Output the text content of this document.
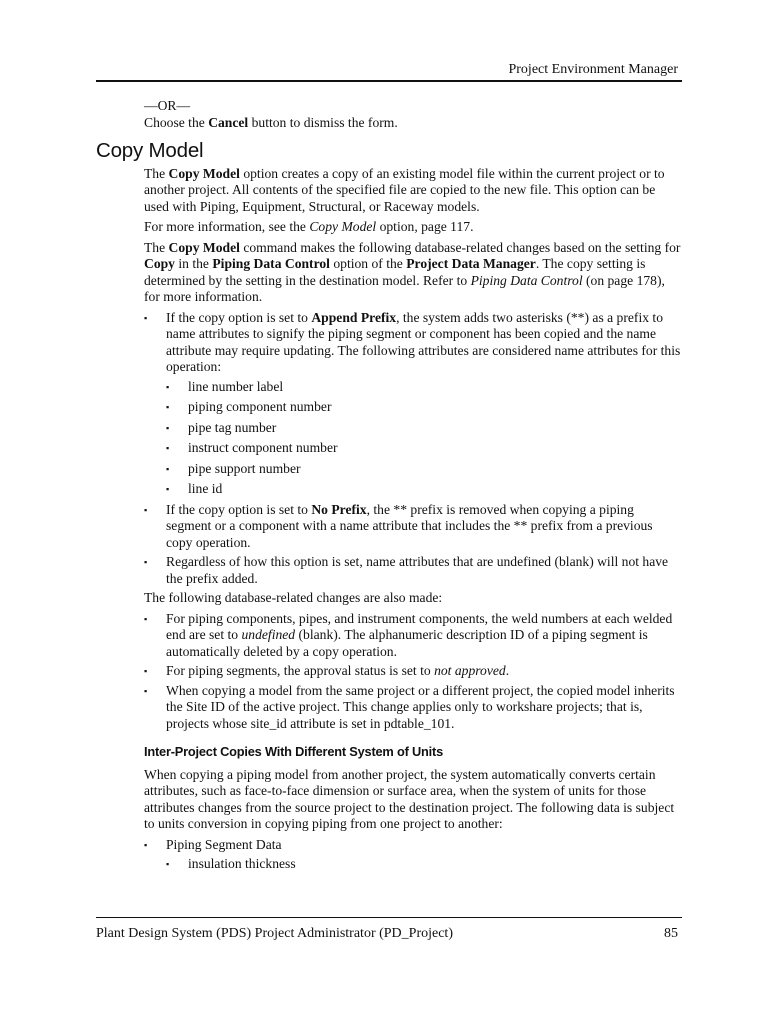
Project Environment Manager

—OR—

Choose the Cancel button to dismiss the form.

Copy Model

The Copy Model option creates a copy of an existing model file within the current project or to another project. All contents of the specified file are copied to the new file. This option can be used with Piping, Equipment, Structural, or Raceway models.

For more information, see the Copy Model option, page 117.

The Copy Model command makes the following database-related changes based on the setting for Copy in the Piping Data Control option of the Project Data Manager. The copy setting is determined by the setting in the destination model. Refer to Piping Data Control (on page 178), for more information.

▪ If the copy option is set to Append Prefix, the system adds two asterisks (**) as a prefix to name attributes to signify the piping segment or component has been copied and the name attribute may require updating. The following attributes are considered name attributes for this operation:
▪ line number label
▪ piping component number
▪ pipe tag number
▪ instruct component number
▪ pipe support number
▪ line id
▪ If the copy option is set to No Prefix, the ** prefix is removed when copying a piping segment or a component with a name attribute that includes the ** prefix from a previous copy operation.
▪ Regardless of how this option is set, name attributes that are undefined (blank) will not have the prefix added.

The following database-related changes are also made:

▪ For piping components, pipes, and instrument components, the weld numbers at each welded end are set to undefined (blank). The alphanumeric description ID of a piping segment is automatically deleted by a copy operation.
▪ For piping segments, the approval status is set to not approved.
▪ When copying a model from the same project or a different project, the copied model inherits the Site ID of the active project. This change applies only to workshare projects; that is, projects whose site_id attribute is set in pdtable_101.
Inter-Project Copies With Different System of Units

When copying a piping model from another project, the system automatically converts certain attributes, such as face-to-face dimension or surface area, when the system of units for those attributes changes from the source project to the destination project. The following data is subject to units conversion in copying piping from one project to another:

▪ Piping Segment Data
▪ insulation thickness
Plant Design System (PDS) Project Administrator (PD_Project)	85
